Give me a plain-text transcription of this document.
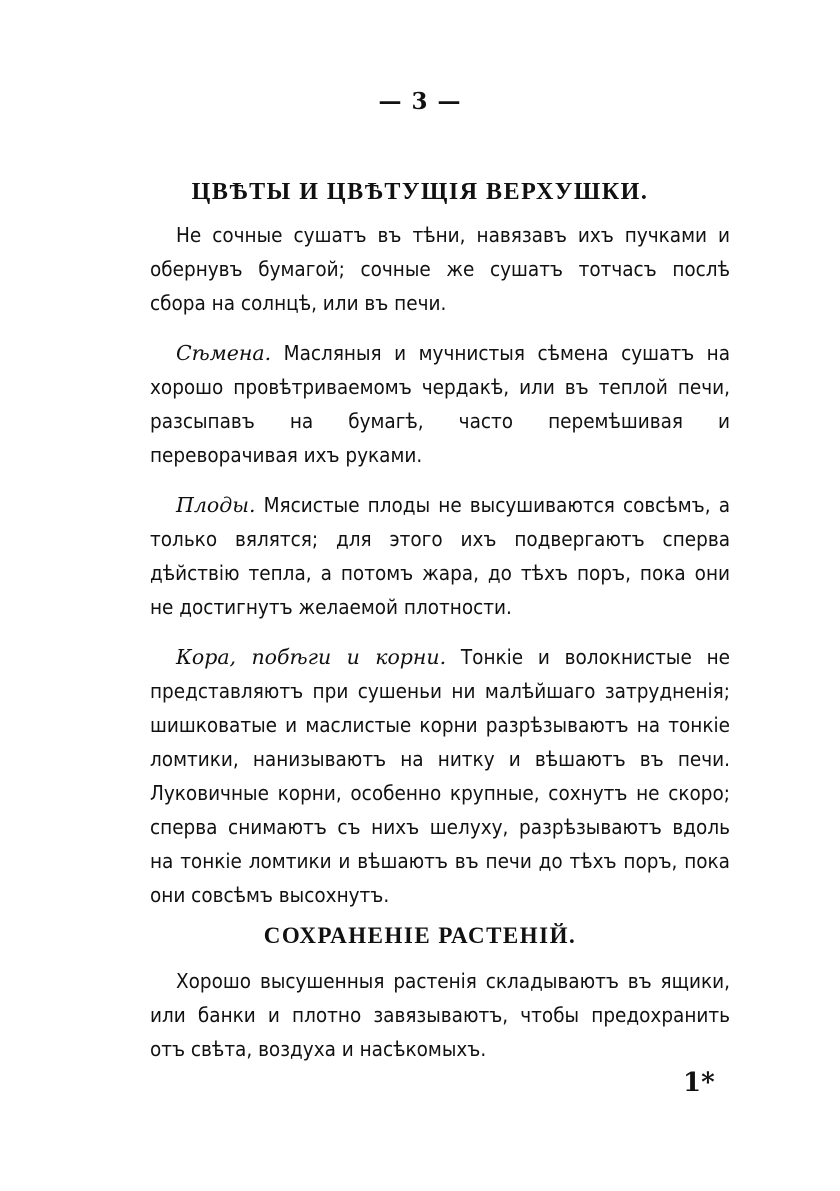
— 3 —
ЦВѢТЫ И ЦВѢТУЩІЯ ВЕРХУШКИ.

Не сочные сушатъ въ тѣни, навязавъ ихъ пучками и обернувъ бумагой; сочные же сушатъ тотчасъ послѣ сбора на солнцѣ, или въ печи.

Сѣмена. Масляныя и мучнистыя сѣмена сушатъ на хорошо провѣтриваемомъ чердакѣ, или въ теплой печи, разсыпавъ на бумагѣ, часто перемѣшивая и переворачивая ихъ руками.

Плоды. Мясистые плоды не высушиваются совсѣмъ, а только вялятся; для этого ихъ подвергаютъ сперва дѣйствію тепла, а потомъ жара, до тѣхъ поръ, пока они не достигнутъ желаемой плотности.

Кора, побѣги и корни. Тонкіе и волокнистые не представляютъ при сушеньи ни малѣйшаго затрудненія; шишковатые и маслистые корни разрѣзываютъ на тонкіе ломтики, нанизываютъ на нитку и вѣшаютъ въ печи. Луковичные корни, особенно крупные, сохнутъ не скоро; сперва снимаютъ съ нихъ шелуху, разрѣзываютъ вдоль на тонкіе ломтики и вѣшаютъ въ печи до тѣхъ поръ, пока они совсѣмъ высохнутъ.

СОХРАНЕНІЕ РАСТЕНІЙ.

Хорошо высушенныя растенія складываютъ въ ящики, или банки и плотно завязываютъ, чтобы предохранить отъ свѣта, воздуха и насѣкомыхъ.

1*
